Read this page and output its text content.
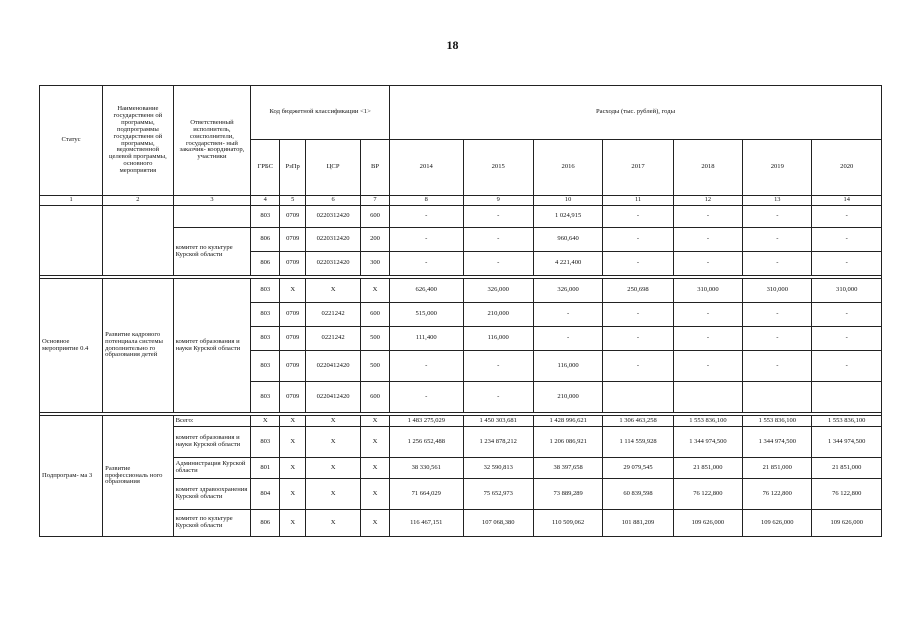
18
Статус	Наименование государственн ой программы, подпрограммы государственн ой программы, ведомственной целевой программы, основного мероприятия	Ответственный исполнитель, соисполнители, государствен- ный заказчик- координатор, участники	Код бюджетной классификации <1>				Расходы (тыс. рублей), годы						
			ГРБС	РзПр	ЦСР	ВР	2014	2015	2016	2017	2018	2019	2020
1	2	3	4	5	6	7	8	9	10	11	12	13	14
			803	0709	0220312420	600	-	-	1 024,915	-	-	-	-
		комитет по культуре Курской области	806	0709	0220312420	200	-	-	960,640	-	-	-	-
			806	0709	0220312420	300	-	-	4 221,400	-	-	-	-

Основное мероприятие 0.4	Развитие кадрового потенциала системы дополнительно го образования детей	комитет образования и науки Курской области	803	X	X	X	626,400	326,000	326,000	250,698	310,000	310,000	310,000
			803	0709	0221242	600	515,000	210,000	-	-	-	-	-
			803	0709	0221242	500	111,400	116,000	-	-	-	-	-
			803	0709	0220412420	500	-	-	116,000	-	-	-	-
			803	0709	0220412420	600	-	-	210,000				

Подпрограм- ма 3	Развитие профессиональ ного образования	Всего:	X	X	X	X	1 483 275,029	1 450 303,681	1 428 996,621	1 306 463,258	1 553 836,100	1 553 836,100	1 553 836,100
		комитет образования и науки Курской области	803	X	X	X	1 256 652,488	1 234 878,212	1 206 086,921	1 114 559,928	1 344 974,500	1 344 974,500	1 344 974,500
		Администрация Курской области	801	X	X	X	38 330,561	32 590,813	38 397,658	29 079,545	21 851,000	21 851,000	21 851,000
		комитет здравоохранения Курской области	804	X	X	X	71 664,029	75 652,973	73 889,289	60 839,598	76 122,800	76 122,800	76 122,800
		комитет по культуре Курской области	806	X	X	X	116 467,151	107 068,380	110 509,062	101 881,209	109 626,000	109 626,000	109 626,000
